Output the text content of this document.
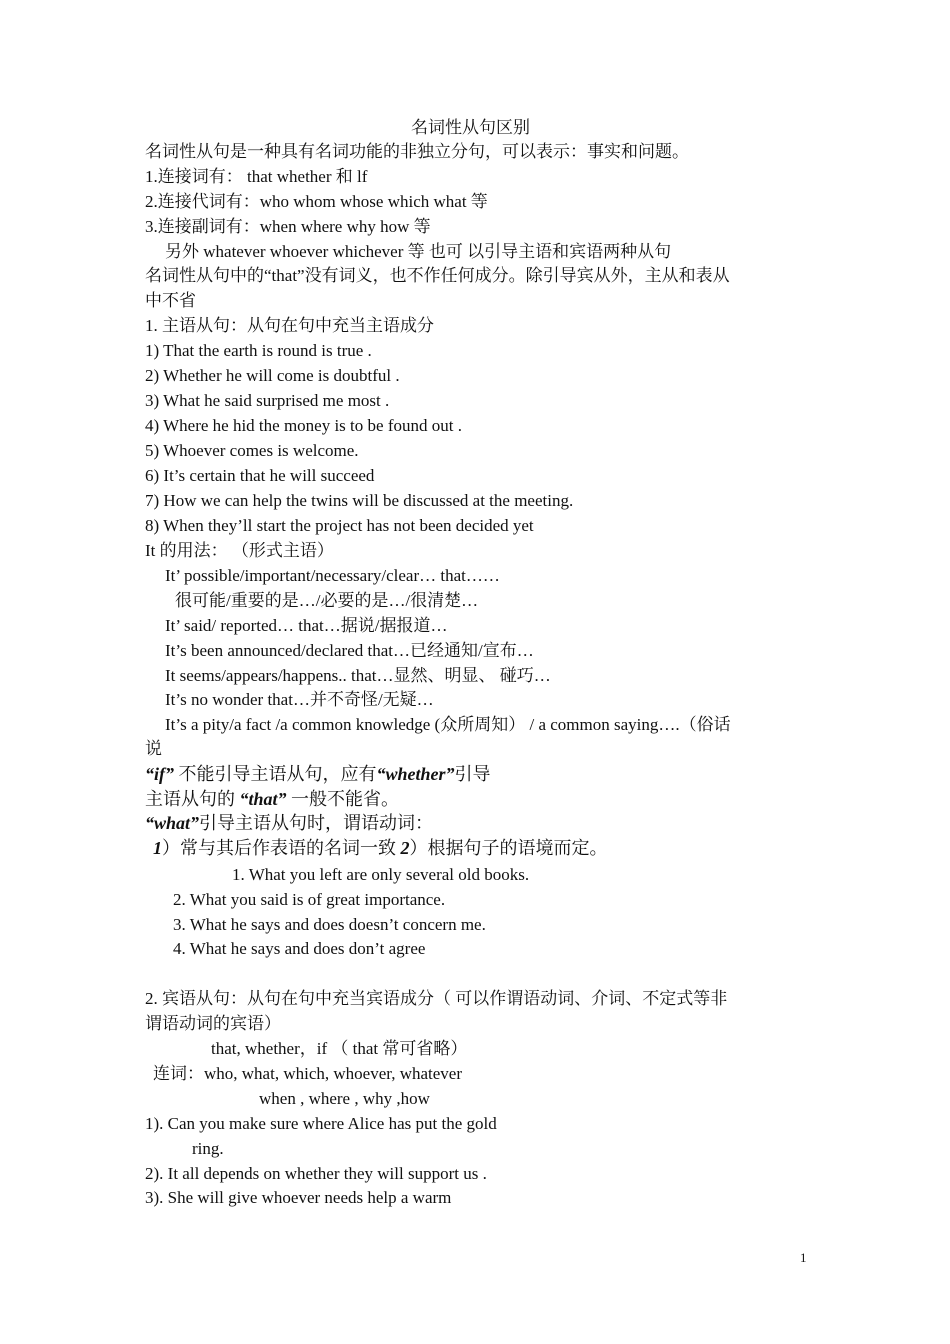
名词性从句区别
名词性从句是一种具有名词功能的非独立分句，可以表示：事实和问题。
1.连接词有： that whether 和 lf
2.连接代词有：who whom whose which what 等
3.连接副词有：when where why how 等
另外 whatever whoever whichever 等 也可 以引导主语和宾语两种从句
名词性从句中的“that”没有词义，也不作任何成分。除引导宾从外，主从和表从
中不省
1. 主语从句：从句在句中充当主语成分
1) That the earth is round is true .
2) Whether he will come is doubtful .
3) What he said surprised me most .
4) Where he hid the money is to be found out .
5) Whoever comes is welcome.
6) It’s certain that he will succeed
7) How we can help the twins will be discussed at the meeting.
8) When they’ll start the project has not been decided yet
It 的用法： （形式主语）
It’ possible/important/necessary/clear… that……
很可能/重要的是…/必要的是…/很清楚…
It’ said/ reported… that…据说/据报道…
It’s been announced/declared that…已经通知/宣布…
It seems/appears/happens.. that…显然、明显、 碰巧…
It’s no wonder that…并不奇怪/无疑…
It’s a pity/a fact /a common knowledge (众所周知） / a common saying….（俗话
说
“if” 不能引导主语从句，应有“whether”引导
主语从句的 “that” 一般不能省。
“what”引导主语从句时，谓语动词：
1）常与其后作表语的名词一致 2）根据句子的语境而定。
1. What you left are only several old books.
2. What you said is of great importance.
3. What he says and does doesn’t concern me.
4. What he says and does don’t agree
2. 宾语从句：从句在句中充当宾语成分（ 可以作谓语动词、介词、不定式等非
谓语动词的宾语）
that, whether，if （ that 常可省略）
连词：who, what, which, whoever, whatever
when , where , why ,how
1). Can you make sure where Alice has put the gold
ring.
2). It all depends on whether they will support us .
3). She will give whoever needs help a warm
1
